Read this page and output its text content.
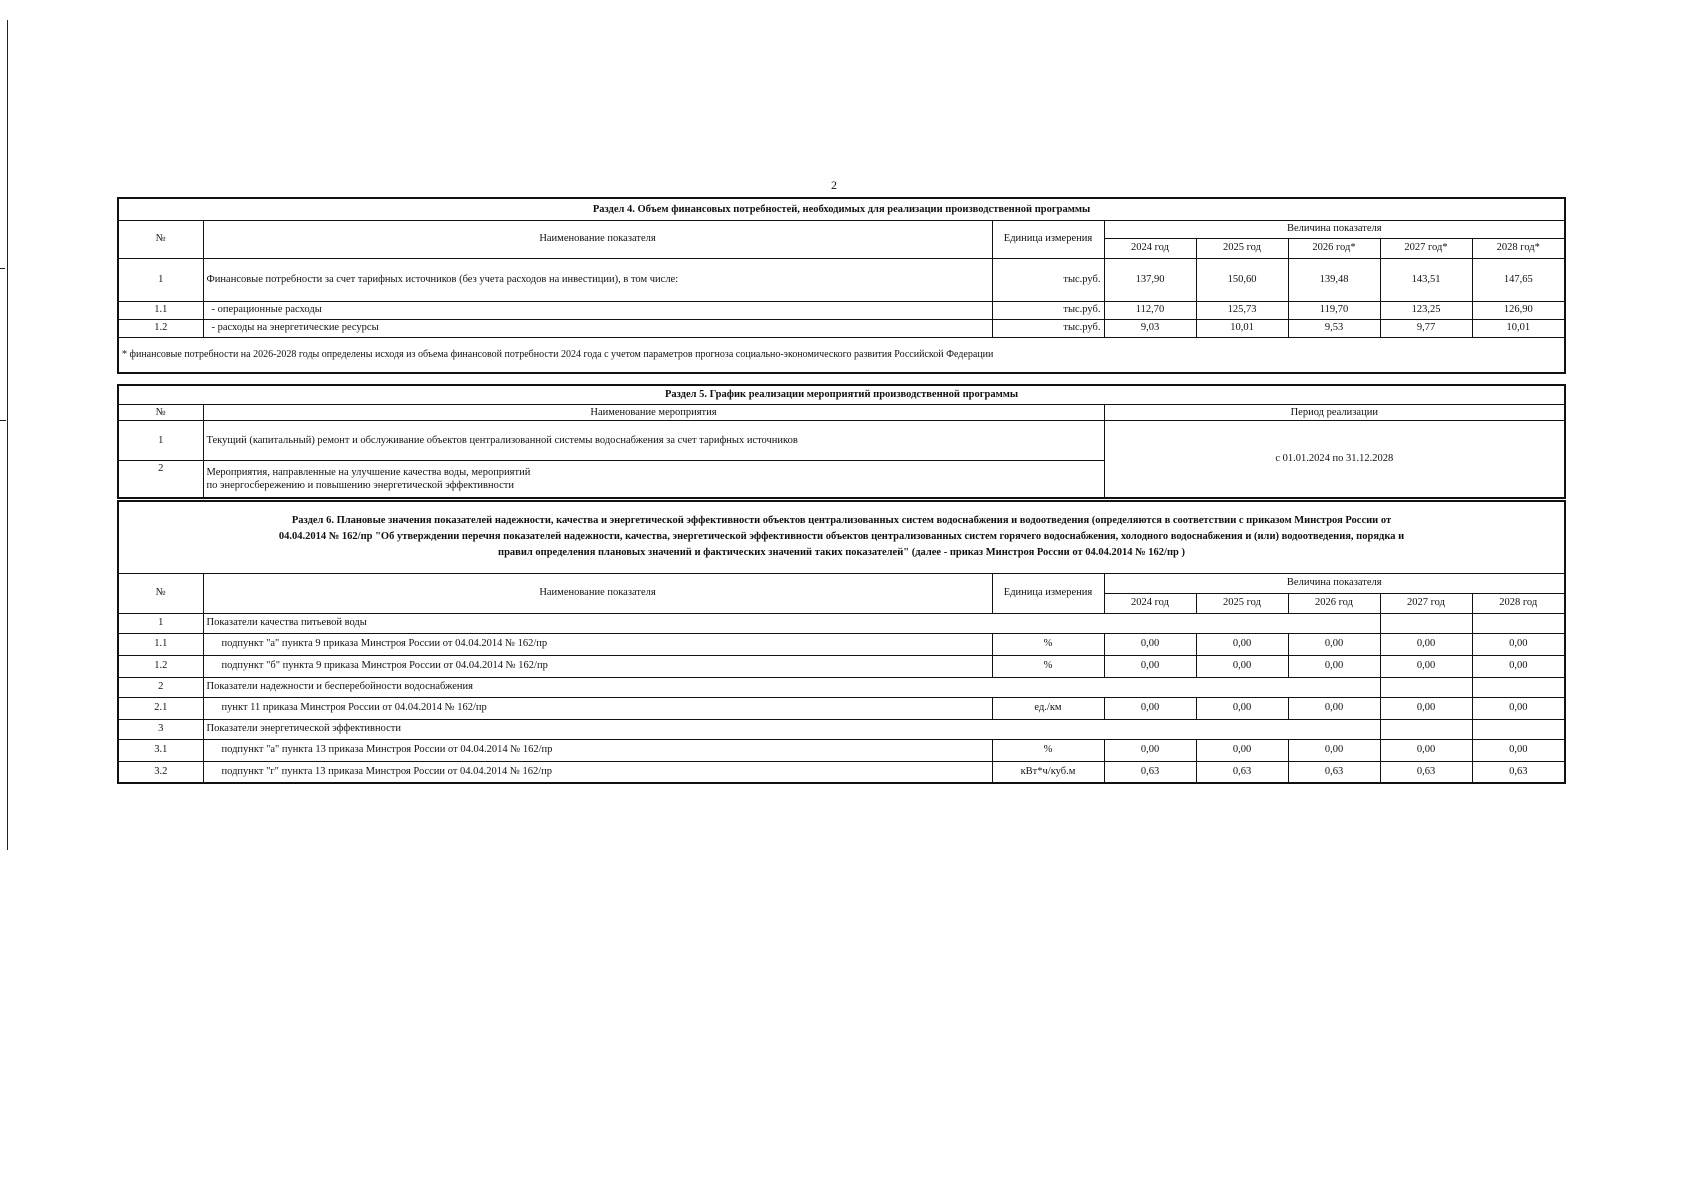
2
Раздел 4. Объем финансовых потребностей, необходимых для реализации производственной программы							
№	Наименование показателя	Единица измерения	Величина показателя				
			2024 год	2025 год	2026 год*	2027 год*	2028 год*
1	Финансовые потребности за счет тарифных источников (без учета расходов на инвестиции), в том числе:	тыс.руб.	137,90	150,60	139,48	143,51	147,65
1.1	- операционные расходы	тыс.руб.	112,70	125,73	119,70	123,25	126,90
1.2	- расходы на энергетические ресурсы	тыс.руб.	9,03	10,01	9,53	9,77	10,01
* финансовые потребности на 2026-2028 годы определены исходя из объема финансовой потребности 2024 года с учетом параметров прогноза социально-экономического развития Российской Федерации							
Раздел 5. График реализации мероприятий производственной программы		
№	Наименование мероприятия	Период реализации
1	Текущий (капитальный) ремонт и обслуживание объектов централизованной системы водоснабжения за счет тарифных источников	с 01.01.2024 по 31.12.2028
2	Мероприятия, направленные на улучшение качества воды, мероприятий
по энергосбережению и повышению энергетической эффективности	
Раздел 6. Плановые значения показателей надежности, качества и энергетической эффективности объектов централизованных систем водоснабжения и водоотведения (определяются в соответствии с приказом Минстроя России от
04.04.2014 № 162/пр "Об утверждении перечня показателей надежности, качества, энергетической эффективности объектов централизованных систем горячего водоснабжения, холодного водоснабжения и (или) водоотведения, порядка и
правил определения плановых значений и фактических значений таких показателей" (далее - приказ Минстроя России от 04.04.2014 № 162/пр )							

№	Наименование показателя	Единица измерения	Величина показателя				
			2024 год	2025 год	2026 год	2027 год	2028 год
1	Показатели качества питьевой воды						
1.1	подпункт "а" пункта 9 приказа Минстроя России от 04.04.2014 № 162/пр	%	0,00	0,00	0,00	0,00	0,00
1.2	подпункт "б" пункта 9 приказа Минстроя России от 04.04.2014 № 162/пр	%	0,00	0,00	0,00	0,00	0,00
2	Показатели надежности и бесперебойности водоснабжения						
2.1	пункт 11 приказа Минстроя России от 04.04.2014 № 162/пр	ед./км	0,00	0,00	0,00	0,00	0,00
3	Показатели энергетической эффективности						
3.1	подпункт "а" пункта 13 приказа Минстроя России от 04.04.2014 № 162/пр	%	0,00	0,00	0,00	0,00	0,00
3.2	подпункт "г" пункта 13 приказа Минстроя России от 04.04.2014 № 162/пр	кВт*ч/куб.м	0,63	0,63	0,63	0,63	0,63
